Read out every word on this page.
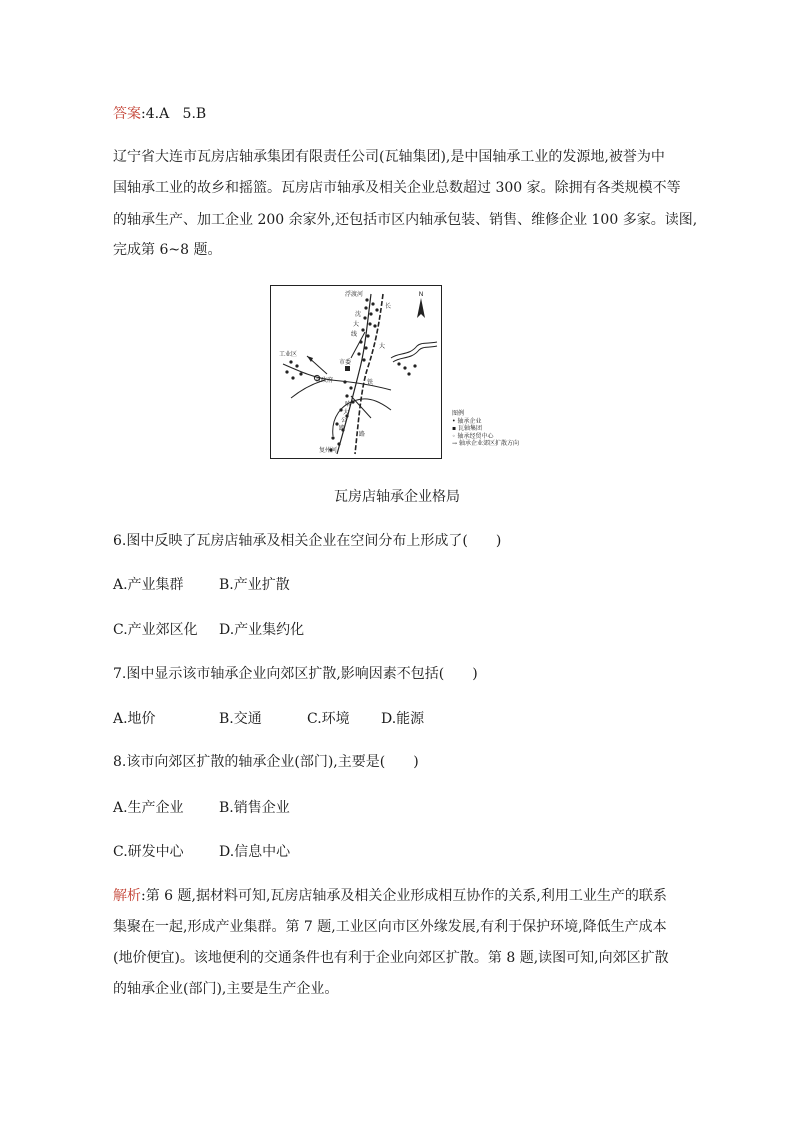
答案:4.A   5.B
辽宁省大连市瓦房店轴承集团有限责任公司(瓦轴集团),是中国轴承工业的发源地,被誉为中
国轴承工业的故乡和摇篮。瓦房店市轴承及相关企业总数超过 300 家。除拥有各类规模不等
的轴承生产、加工企业 200 余家外,还包括市区内轴承包装、销售、维修企业 100 多家。读图,
完成第 6~8 题。
N
工业区
市政府
市委
长
大
铁
路
沈
大
线
哈
大
公
路
浮渡河
复州河
图例
• 轴承企业
▪ 瓦轴集团
◦ 轴承经贸中心
→ 轴承企业郊区扩散方向
瓦房店轴承企业格局
6.图中反映了瓦房店轴承及相关企业在空间分布上形成了(　　)
A.产业集群	B.产业扩散
C.产业郊区化 D.产业集约化
7.图中显示该市轴承企业向郊区扩散,影响因素不包括(　　)
A.地价	B.交通	C.环境 D.能源
8.该市向郊区扩散的轴承企业(部门),主要是(　　)
A.生产企业	B.销售企业
C.研发中心	D.信息中心
解析:第 6 题,据材料可知,瓦房店轴承及相关企业形成相互协作的关系,利用工业生产的联系
集聚在一起,形成产业集群。第 7 题,工业区向市区外缘发展,有利于保护环境,降低生产成本
(地价便宜)。该地便利的交通条件也有利于企业向郊区扩散。第 8 题,读图可知,向郊区扩散
的轴承企业(部门),主要是生产企业。
